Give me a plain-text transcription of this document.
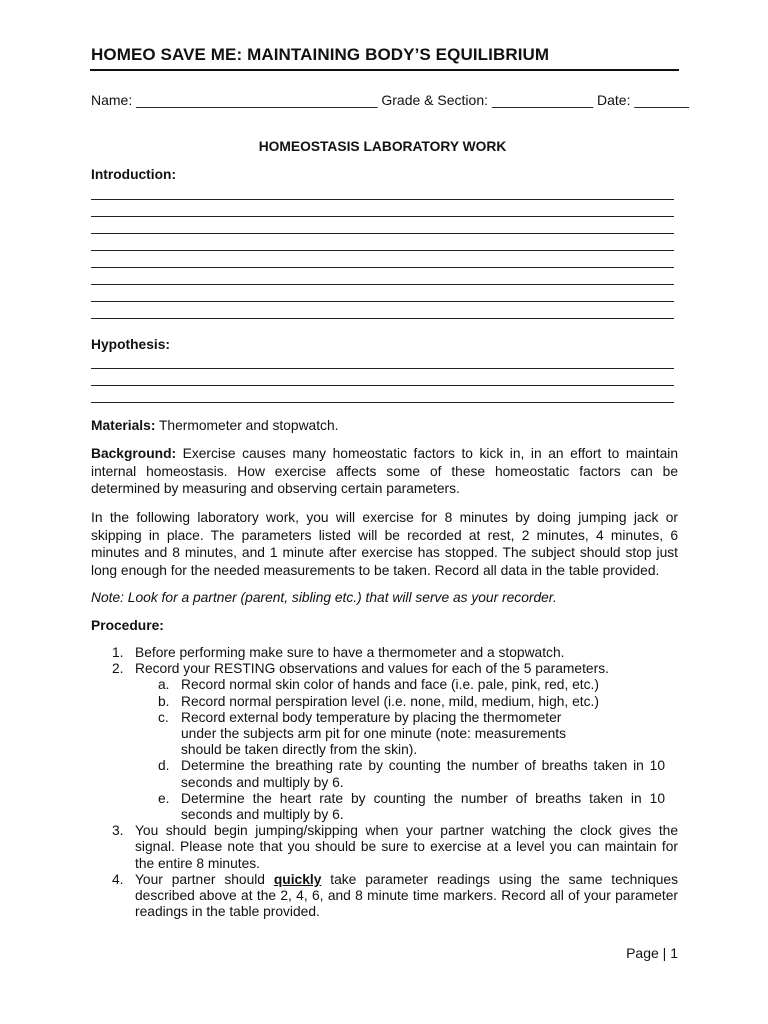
HOMEO SAVE ME: MAINTAINING BODY’S EQUILIBRIUM
Name: _______________________________ Grade & Section: _____________ Date: _______
HOMEOSTASIS LABORATORY WORK
Introduction:
Hypothesis:
Materials: Thermometer and stopwatch.
Background: Exercise causes many homeostatic factors to kick in, in an effort to maintain internal homeostasis. How exercise affects some of these homeostatic factors can be determined by measuring and observing certain parameters.
In the following laboratory work, you will exercise for 8 minutes by doing jumping jack or skipping in place. The parameters listed will be recorded at rest, 2 minutes, 4 minutes, 6 minutes and 8 minutes, and 1 minute after exercise has stopped. The subject should stop just long enough for the needed measurements to be taken. Record all data in the table provided.
Note: Look for a partner (parent, sibling etc.) that will serve as your recorder.
Procedure:
1. Before performing make sure to have a thermometer and a stopwatch.
2. Record your RESTING observations and values for each of the 5 parameters.
a. Record normal skin color of hands and face (i.e. pale, pink, red, etc.)
b. Record normal perspiration level (i.e. none, mild, medium, high, etc.)
c. Record external body temperature by placing the thermometer under the subjects arm pit for one minute (note: measurements should be taken directly from the skin).
d. Determine the breathing rate by counting the number of breaths taken in 10 seconds and multiply by 6.
e. Determine the heart rate by counting the number of breaths taken in 10 seconds and multiply by 6.
3. You should begin jumping/skipping when your partner watching the clock gives the signal. Please note that you should be sure to exercise at a level you can maintain for the entire 8 minutes.
4. Your partner should quickly take parameter readings using the same techniques described above at the 2, 4, 6, and 8 minute time markers. Record all of your parameter readings in the table provided.
Page | 1
